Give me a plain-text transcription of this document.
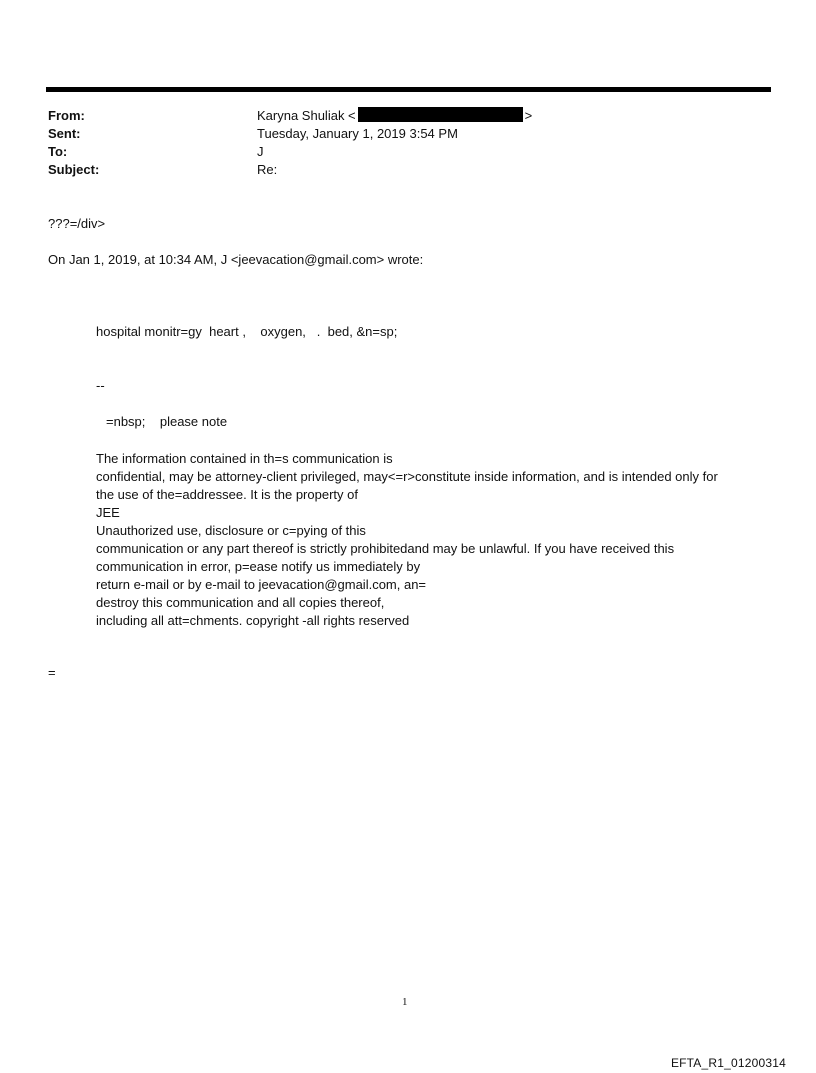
From:	Karyna Shuliak <	>
Sent:	Tuesday, January 1, 2019 3:54 PM
To:	J
Subject:	Re:
???=/div>
On Jan 1, 2019, at 10:34 AM, J <jeevacation@gmail.com> wrote:
hospital monitr=gy  heart ,    oxygen,   .  bed, &n=sp;
--
=nbsp;    please note
The information contained in th=s communication is
confidential, may be attorney-client privileged, may<=r>constitute inside information, and is intended only for
the use of the=addressee. It is the property of
JEE
Unauthorized use, disclosure or c=pying of this
communication or any part thereof is strictly prohibitedand may be unlawful. If you have received this
communication in error, p=ease notify us immediately by
return e-mail or by e-mail to jeevacation@gmail.com, an=
destroy this communication and all copies thereof,
including all att=chments. copyright -all rights reserved
=
1
EFTA_R1_01200314
